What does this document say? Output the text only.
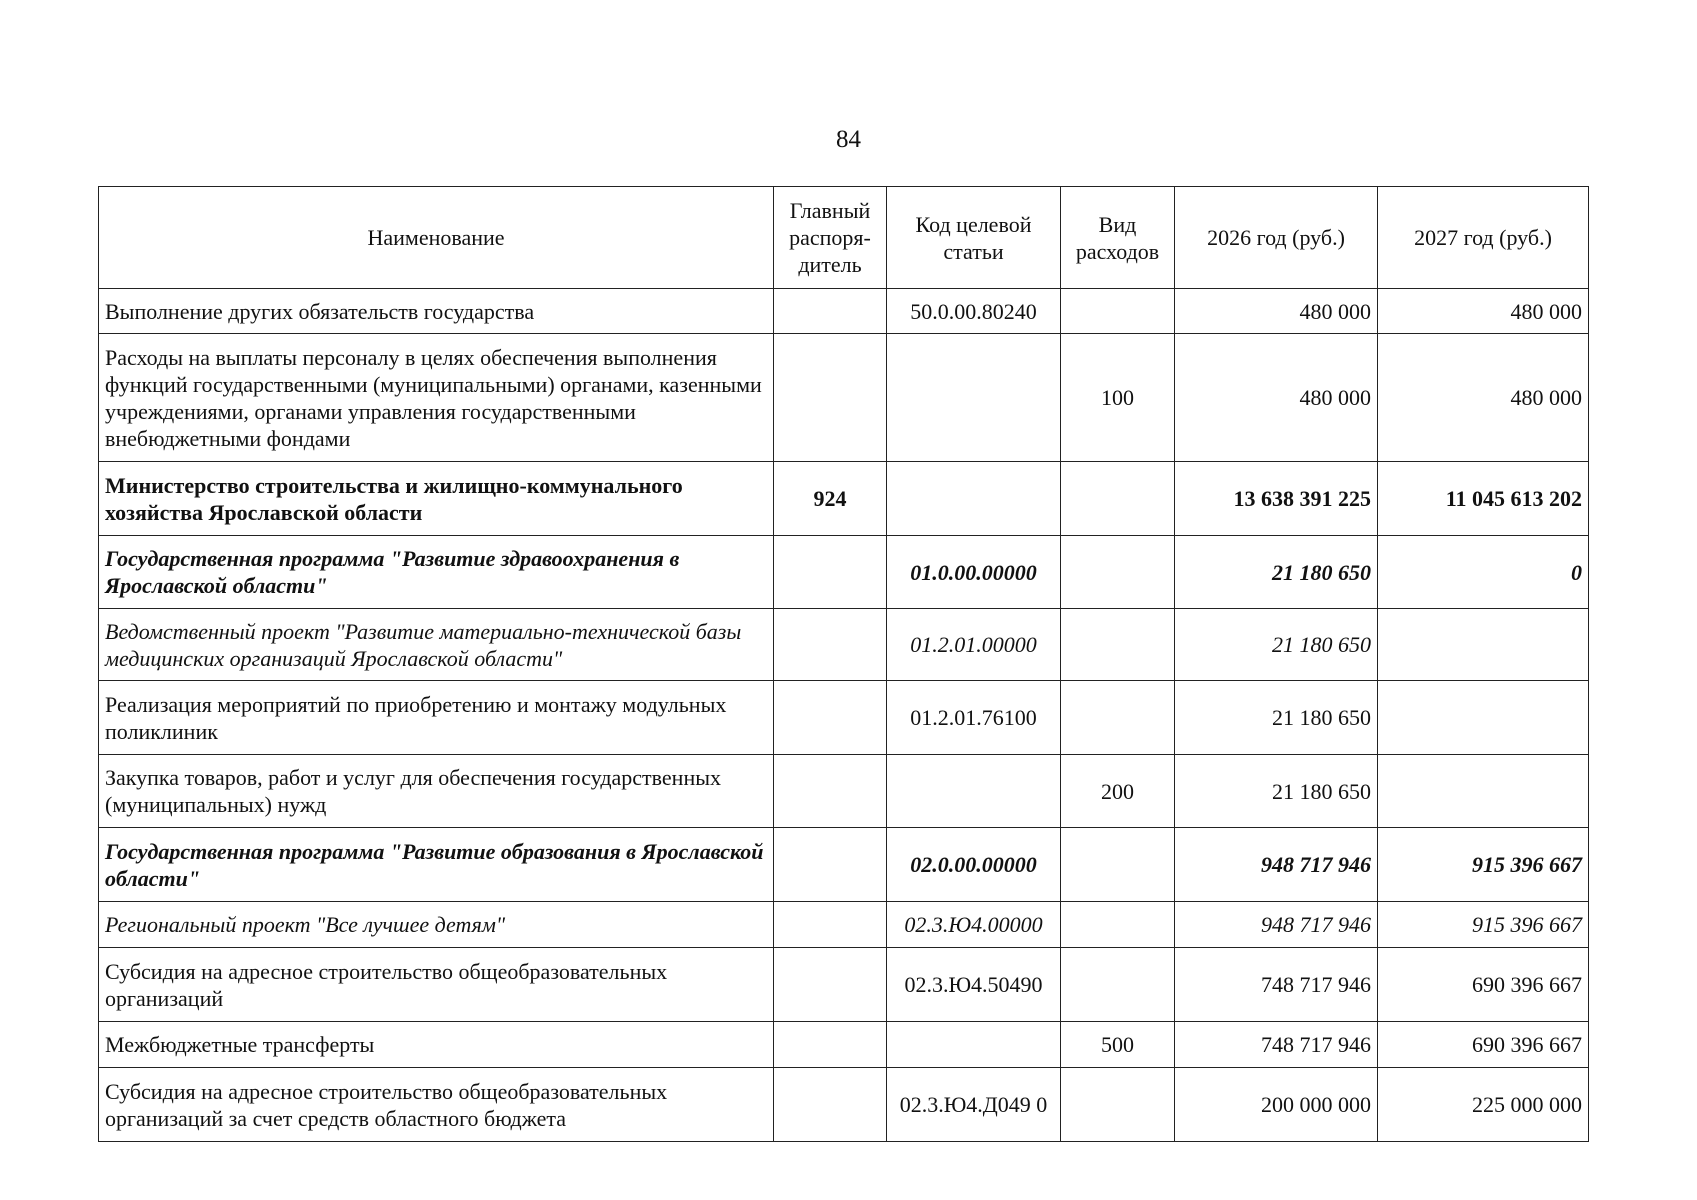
84
Наименование	Главный распоря-дитель	Код целевой статьи	Вид расходов	2026 год (руб.)	2027 год (руб.)
Выполнение других обязательств государства		50.0.00.80240		480 000	480 000
Расходы на выплаты персоналу в целях обеспечения выполнения функций государственными (муниципальными) органами, казенными учреждениями, органами управления государственными внебюджетными фондами			100	480 000	480 000
Министерство строительства и жилищно-коммунального хозяйства Ярославской области	924			13 638 391 225	11 045 613 202
Государственная программа "Развитие здравоохранения в Ярославской области"		01.0.00.00000		21 180 650	0
Ведомственный проект "Развитие материально-технической базы медицинских организаций Ярославской области"		01.2.01.00000		21 180 650	
Реализация мероприятий по приобретению и монтажу модульных поликлиник		01.2.01.76100		21 180 650	
Закупка товаров, работ и услуг для обеспечения государственных (муниципальных) нужд			200	21 180 650	
Государственная программа "Развитие образования в Ярославской области"		02.0.00.00000		948 717 946	915 396 667
Региональный проект "Все лучшее детям"		02.3.Ю4.00000		948 717 946	915 396 667
Субсидия на адресное строительство общеобразовательных организаций		02.3.Ю4.50490		748 717 946	690 396 667
Межбюджетные трансферты			500	748 717 946	690 396 667
Субсидия на адресное строительство общеобразовательных организаций за счет средств областного бюджета		02.3.Ю4.Д049 0		200 000 000	225 000 000
